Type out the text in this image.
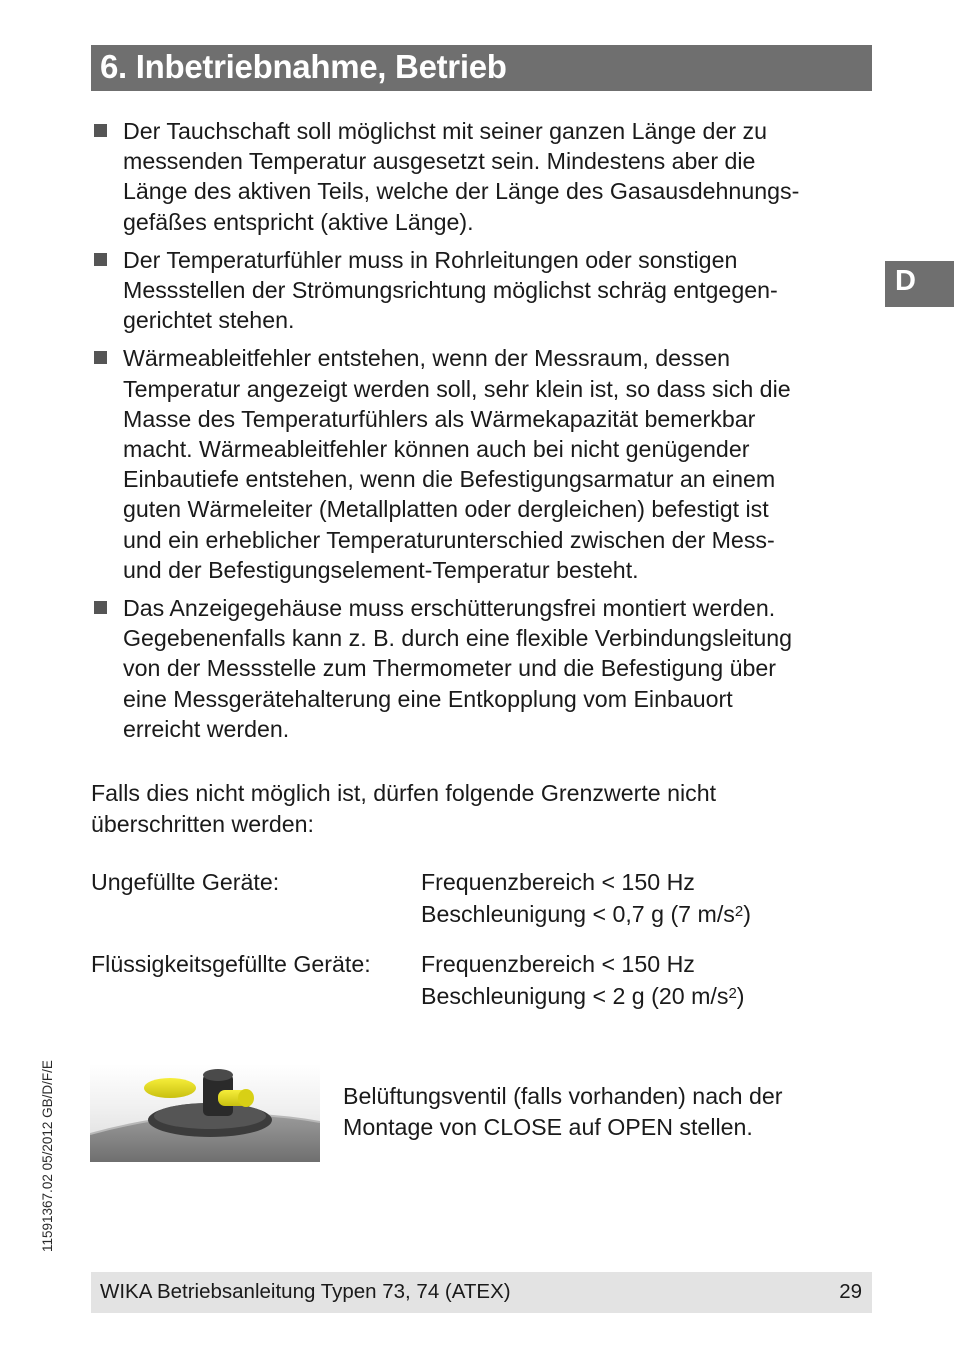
6. Inbetriebnahme, Betrieb
D
Der Tauchschaft soll möglichst mit seiner ganzen Länge der zu
messenden Temperatur ausgesetzt sein. Mindestens aber die
Länge des aktiven Teils, welche der Länge des Gasausdehnungs-
gefäßes entspricht (aktive Länge).
Der Temperaturfühler muss in Rohrleitungen oder sonstigen
Messstellen der Strömungsrichtung möglichst schräg entgegen-
gerichtet stehen.
Wärmeableitfehler entstehen, wenn der Messraum, dessen
Temperatur angezeigt werden soll, sehr klein ist, so dass sich die
Masse des Temperaturfühlers als Wärmekapazität bemerkbar
macht. Wärmeableitfehler können auch bei nicht genügender
Einbautiefe entstehen, wenn die Befestigungsarmatur an einem
guten Wärmeleiter (Metallplatten oder dergleichen) befestigt ist
und ein erheblicher Temperaturunterschied zwischen der Mess-
und der Befestigungselement-Temperatur besteht.
Das Anzeigegehäuse muss erschütterungsfrei montiert werden.
Gegebenenfalls kann z. B. durch eine flexible Verbindungsleitung
von der Messstelle zum Thermometer und die Befestigung über
eine Messgerätehalterung eine Entkopplung vom Einbauort
erreicht werden.

Falls dies nicht möglich ist, dürfen folgende Grenzwerte nicht
überschritten werden:

Ungefüllte Geräte:	Frequenzbereich < 150 Hz
Beschleunigung < 0,7 g (7 $m/s^2$)
Flüssigkeitsgefüllte Geräte: Frequenzbereich < 150 Hz
Beschleunigung < 2 g (20 $m/s^2$)

Belüftungsventil (falls vorhanden) nach der
Montage von CLOSE auf OPEN stellen.

11591367.02 05/2012 GB/D/F/E
WIKA Betriebsanleitung Typen 73, 74 (ATEX)	29
